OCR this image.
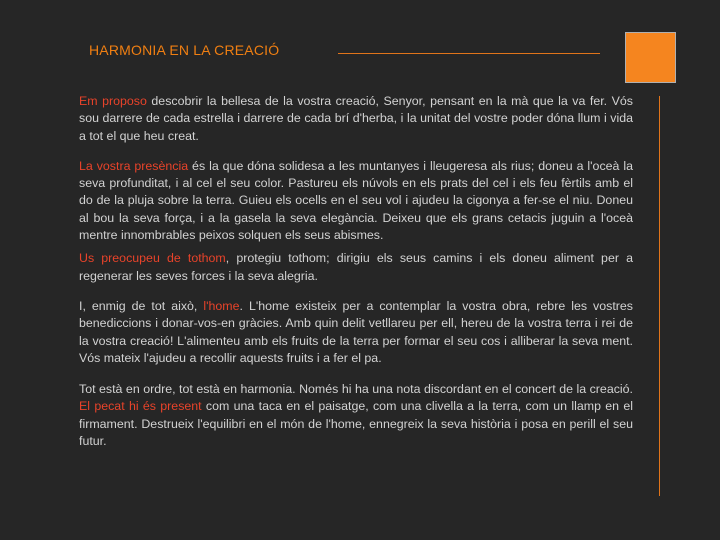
HARMONIA EN LA CREACIÓ

Em proposo descobrir la bellesa de la vostra creació, Senyor, pensant en la mà que la va fer. Vós sou darrere de cada estrella i darrere de cada brí d'herba, i la unitat del vostre poder dóna llum i vida a tot el que heu creat.

La vostra presència és la que dóna solidesa a les muntanyes i lleugeresa als rius; doneu a l'oceà la seva profunditat, i al cel el seu color. Pastureu els núvols en els prats del cel i els feu fèrtils amb el do de la pluja sobre la terra. Guieu els ocells en el seu vol i ajudeu la cigonya a fer-se el niu. Doneu al bou la seva força, i a la gasela la seva elegància. Deixeu que els grans cetacis juguin a l'oceà mentre innombrables peixos solquen els seus abismes.

Us preocupeu de tothom, protegiu tothom; dirigiu els seus camins i els doneu aliment per a regenerar les seves forces i la seva alegria.

I, enmig de tot això, l'home. L'home existeix per a contemplar la vostra obra, rebre les vostres benediccions i donar-vos-en gràcies. Amb quin delit vetllareu per ell, hereu de la vostra terra i rei de la vostra creació! L'alimenteu amb els fruits de la terra per formar el seu cos i alliberar la seva ment. Vós mateix l'ajudeu a recollir aquests fruits i a fer el pa.

Tot està en ordre, tot està en harmonia. Només hi ha una nota discordant en el concert de la creació. El pecat hi és present com una taca en el paisatge, com una clivella a la terra, com un llamp en el firmament. Destrueix l'equilibri en el món de l'home, ennegreix la seva història i posa en perill el seu futur.
